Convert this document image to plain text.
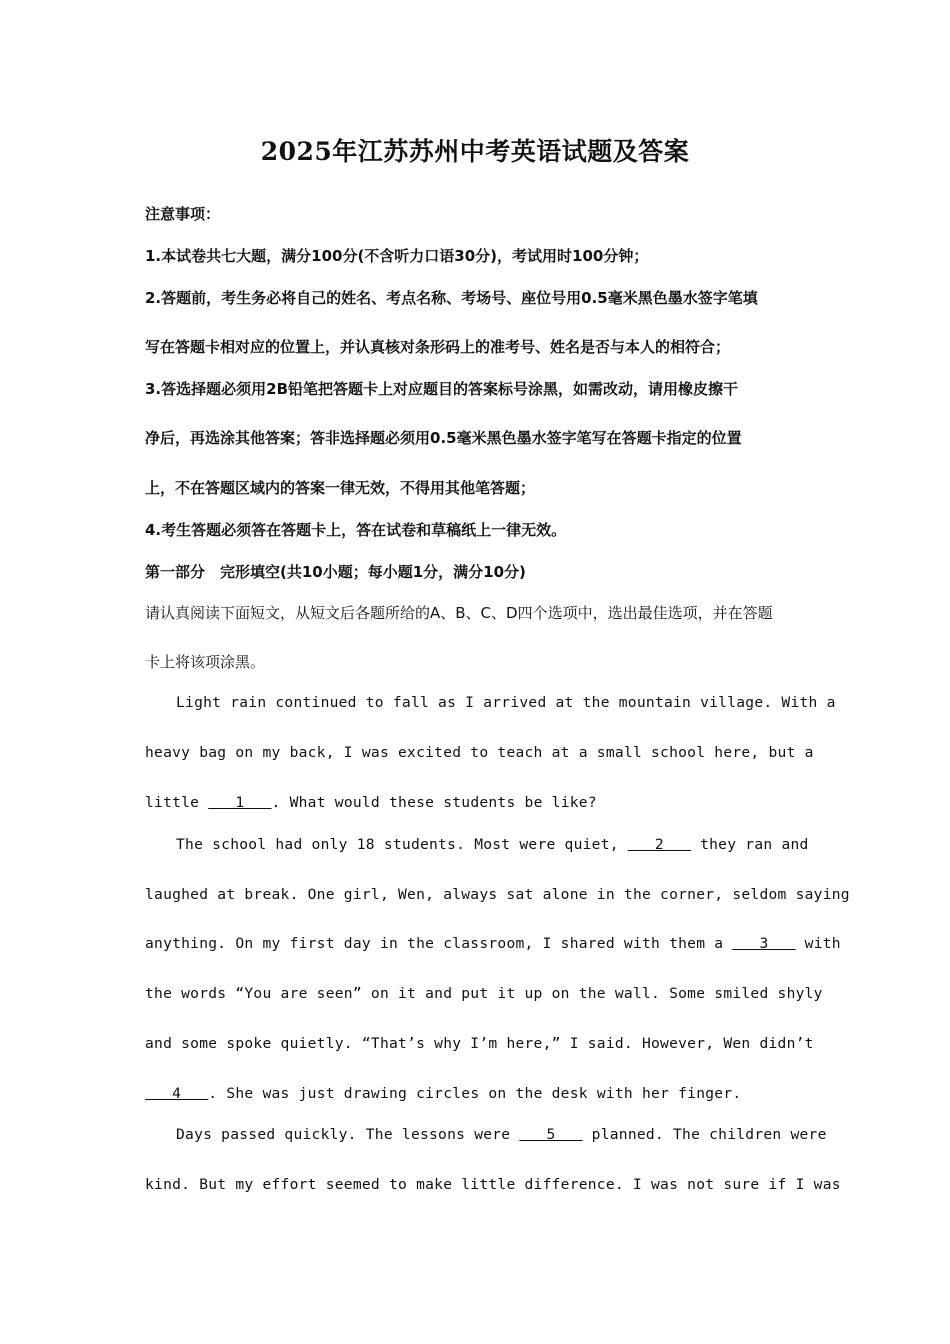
2025年江苏苏州中考英语试题及答案
注意事项：
1.本试卷共七大题，满分100分(不含听力口语30分)，考试用时100分钟；
2.答题前，考生务必将自己的姓名、考点名称、考场号、座位号用0.5毫米黑色墨水签字笔填
写在答题卡相对应的位置上，并认真核对条形码上的准考号、姓名是否与本人的相符合；
3.答选择题必须用2B铅笔把答题卡上对应题目的答案标号涂黑，如需改动，请用橡皮擦干
净后，再选涂其他答案；答非选择题必须用0.5毫米黑色墨水签字笔写在答题卡指定的位置
上，不在答题区域内的答案一律无效，不得用其他笔答题；
4.考生答题必须答在答题卡上，答在试卷和草稿纸上一律无效。
第一部分　完形填空(共10小题；每小题1分，满分10分)
请认真阅读下面短文，从短文后各题所给的A、B、C、D四个选项中，选出最佳选项，并在答题
卡上将该项涂黑。
Light rain continued to fall as I arrived at the mountain village. With a
heavy bag on my back, I was excited to teach at a small school here, but a
little    1   . What would these students be like?
The school had only 18 students. Most were quiet,    2    they ran and
laughed at break. One girl, Wen, always sat alone in the corner, seldom saying
anything. On my first day in the classroom, I shared with them a    3    with
the words “You are seen” on it and put it up on the wall. Some smiled shyly
and some spoke quietly. “That’s why I’m here,” I said. However, Wen didn’t
4   . She was just drawing circles on the desk with her finger.
Days passed quickly. The lessons were    5    planned. The children were
kind. But my effort seemed to make little difference. I was not sure if I was
